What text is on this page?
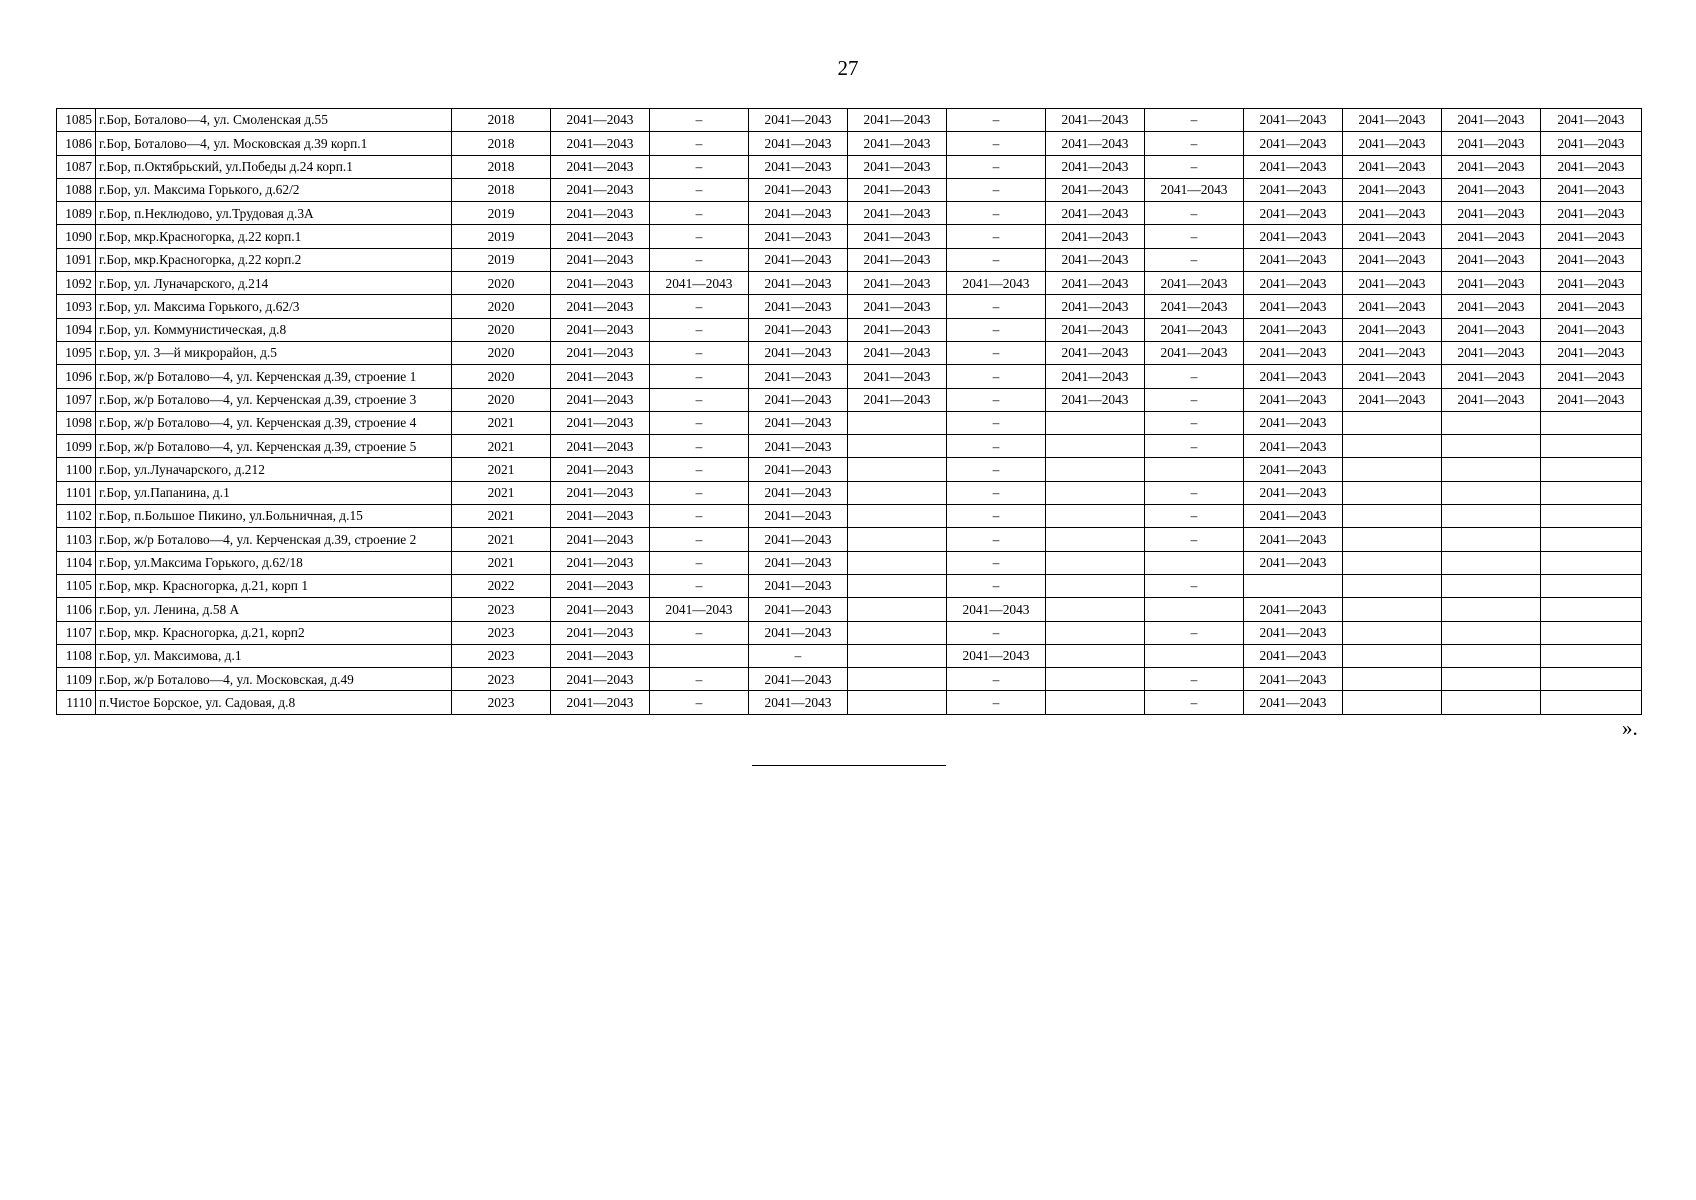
27
1085	г.Бор, Боталово—4, ул. Смоленская д.55	2018	2041—2043	–	2041—2043	2041—2043	–	2041—2043	–	2041—2043	2041—2043	2041—2043	2041—2043
1086	г.Бор, Боталово—4, ул. Московская д.39 корп.1	2018	2041—2043	–	2041—2043	2041—2043	–	2041—2043	–	2041—2043	2041—2043	2041—2043	2041—2043
1087	г.Бор, п.Октябрьский, ул.Победы д.24 корп.1	2018	2041—2043	–	2041—2043	2041—2043	–	2041—2043	–	2041—2043	2041—2043	2041—2043	2041—2043
1088	г.Бор, ул. Максима Горького, д.62/2	2018	2041—2043	–	2041—2043	2041—2043	–	2041—2043	2041—2043	2041—2043	2041—2043	2041—2043	2041—2043
1089	г.Бор, п.Неклюдово, ул.Трудовая д.3А	2019	2041—2043	–	2041—2043	2041—2043	–	2041—2043	–	2041—2043	2041—2043	2041—2043	2041—2043
1090	г.Бор, мкр.Красногорка, д.22 корп.1	2019	2041—2043	–	2041—2043	2041—2043	–	2041—2043	–	2041—2043	2041—2043	2041—2043	2041—2043
1091	г.Бор, мкр.Красногорка, д.22 корп.2	2019	2041—2043	–	2041—2043	2041—2043	–	2041—2043	–	2041—2043	2041—2043	2041—2043	2041—2043
1092	г.Бор, ул. Луначарского, д.214	2020	2041—2043	2041—2043	2041—2043	2041—2043	2041—2043	2041—2043	2041—2043	2041—2043	2041—2043	2041—2043	2041—2043
1093	г.Бор, ул. Максима Горького, д.62/3	2020	2041—2043	–	2041—2043	2041—2043	–	2041—2043	2041—2043	2041—2043	2041—2043	2041—2043	2041—2043
1094	г.Бор, ул. Коммунистическая, д.8	2020	2041—2043	–	2041—2043	2041—2043	–	2041—2043	2041—2043	2041—2043	2041—2043	2041—2043	2041—2043
1095	г.Бор, ул. 3—й микрорайон, д.5	2020	2041—2043	–	2041—2043	2041—2043	–	2041—2043	2041—2043	2041—2043	2041—2043	2041—2043	2041—2043
1096	г.Бор, ж/р Боталово—4, ул. Керченская д.39, строение 1	2020	2041—2043	–	2041—2043	2041—2043	–	2041—2043	–	2041—2043	2041—2043	2041—2043	2041—2043
1097	г.Бор, ж/р Боталово—4, ул. Керченская д.39, строение 3	2020	2041—2043	–	2041—2043	2041—2043	–	2041—2043	–	2041—2043	2041—2043	2041—2043	2041—2043
1098	г.Бор, ж/р Боталово—4, ул. Керченская д.39, строение 4	2021	2041—2043	–	2041—2043		–		–	2041—2043			
1099	г.Бор, ж/р Боталово—4, ул. Керченская д.39, строение 5	2021	2041—2043	–	2041—2043		–		–	2041—2043			
1100	г.Бор, ул.Луначарского, д.212	2021	2041—2043	–	2041—2043		–			2041—2043			
1101	г.Бор, ул.Папанина, д.1	2021	2041—2043	–	2041—2043		–		–	2041—2043			
1102	г.Бор, п.Большое Пикино, ул.Больничная, д.15	2021	2041—2043	–	2041—2043		–		–	2041—2043			
1103	г.Бор, ж/р Боталово—4, ул. Керченская д.39, строение 2	2021	2041—2043	–	2041—2043		–		–	2041—2043			
1104	г.Бор, ул.Максима Горького, д.62/18	2021	2041—2043	–	2041—2043		–			2041—2043			
1105	г.Бор, мкр. Красногорка, д.21, корп 1	2022	2041—2043	–	2041—2043		–		–				
1106	г.Бор, ул. Ленина, д.58 А	2023	2041—2043	2041—2043	2041—2043		2041—2043			2041—2043			
1107	г.Бор, мкр. Красногорка, д.21, корп2	2023	2041—2043	–	2041—2043		–		–	2041—2043			
1108	г.Бор, ул. Максимова, д.1	2023	2041—2043		–		2041—2043			2041—2043			
1109	г.Бор, ж/р Боталово—4, ул. Московская, д.49	2023	2041—2043	–	2041—2043		–		–	2041—2043			
1110	п.Чистое Борское, ул. Садовая, д.8	2023	2041—2043	–	2041—2043		–		–	2041—2043			
».
